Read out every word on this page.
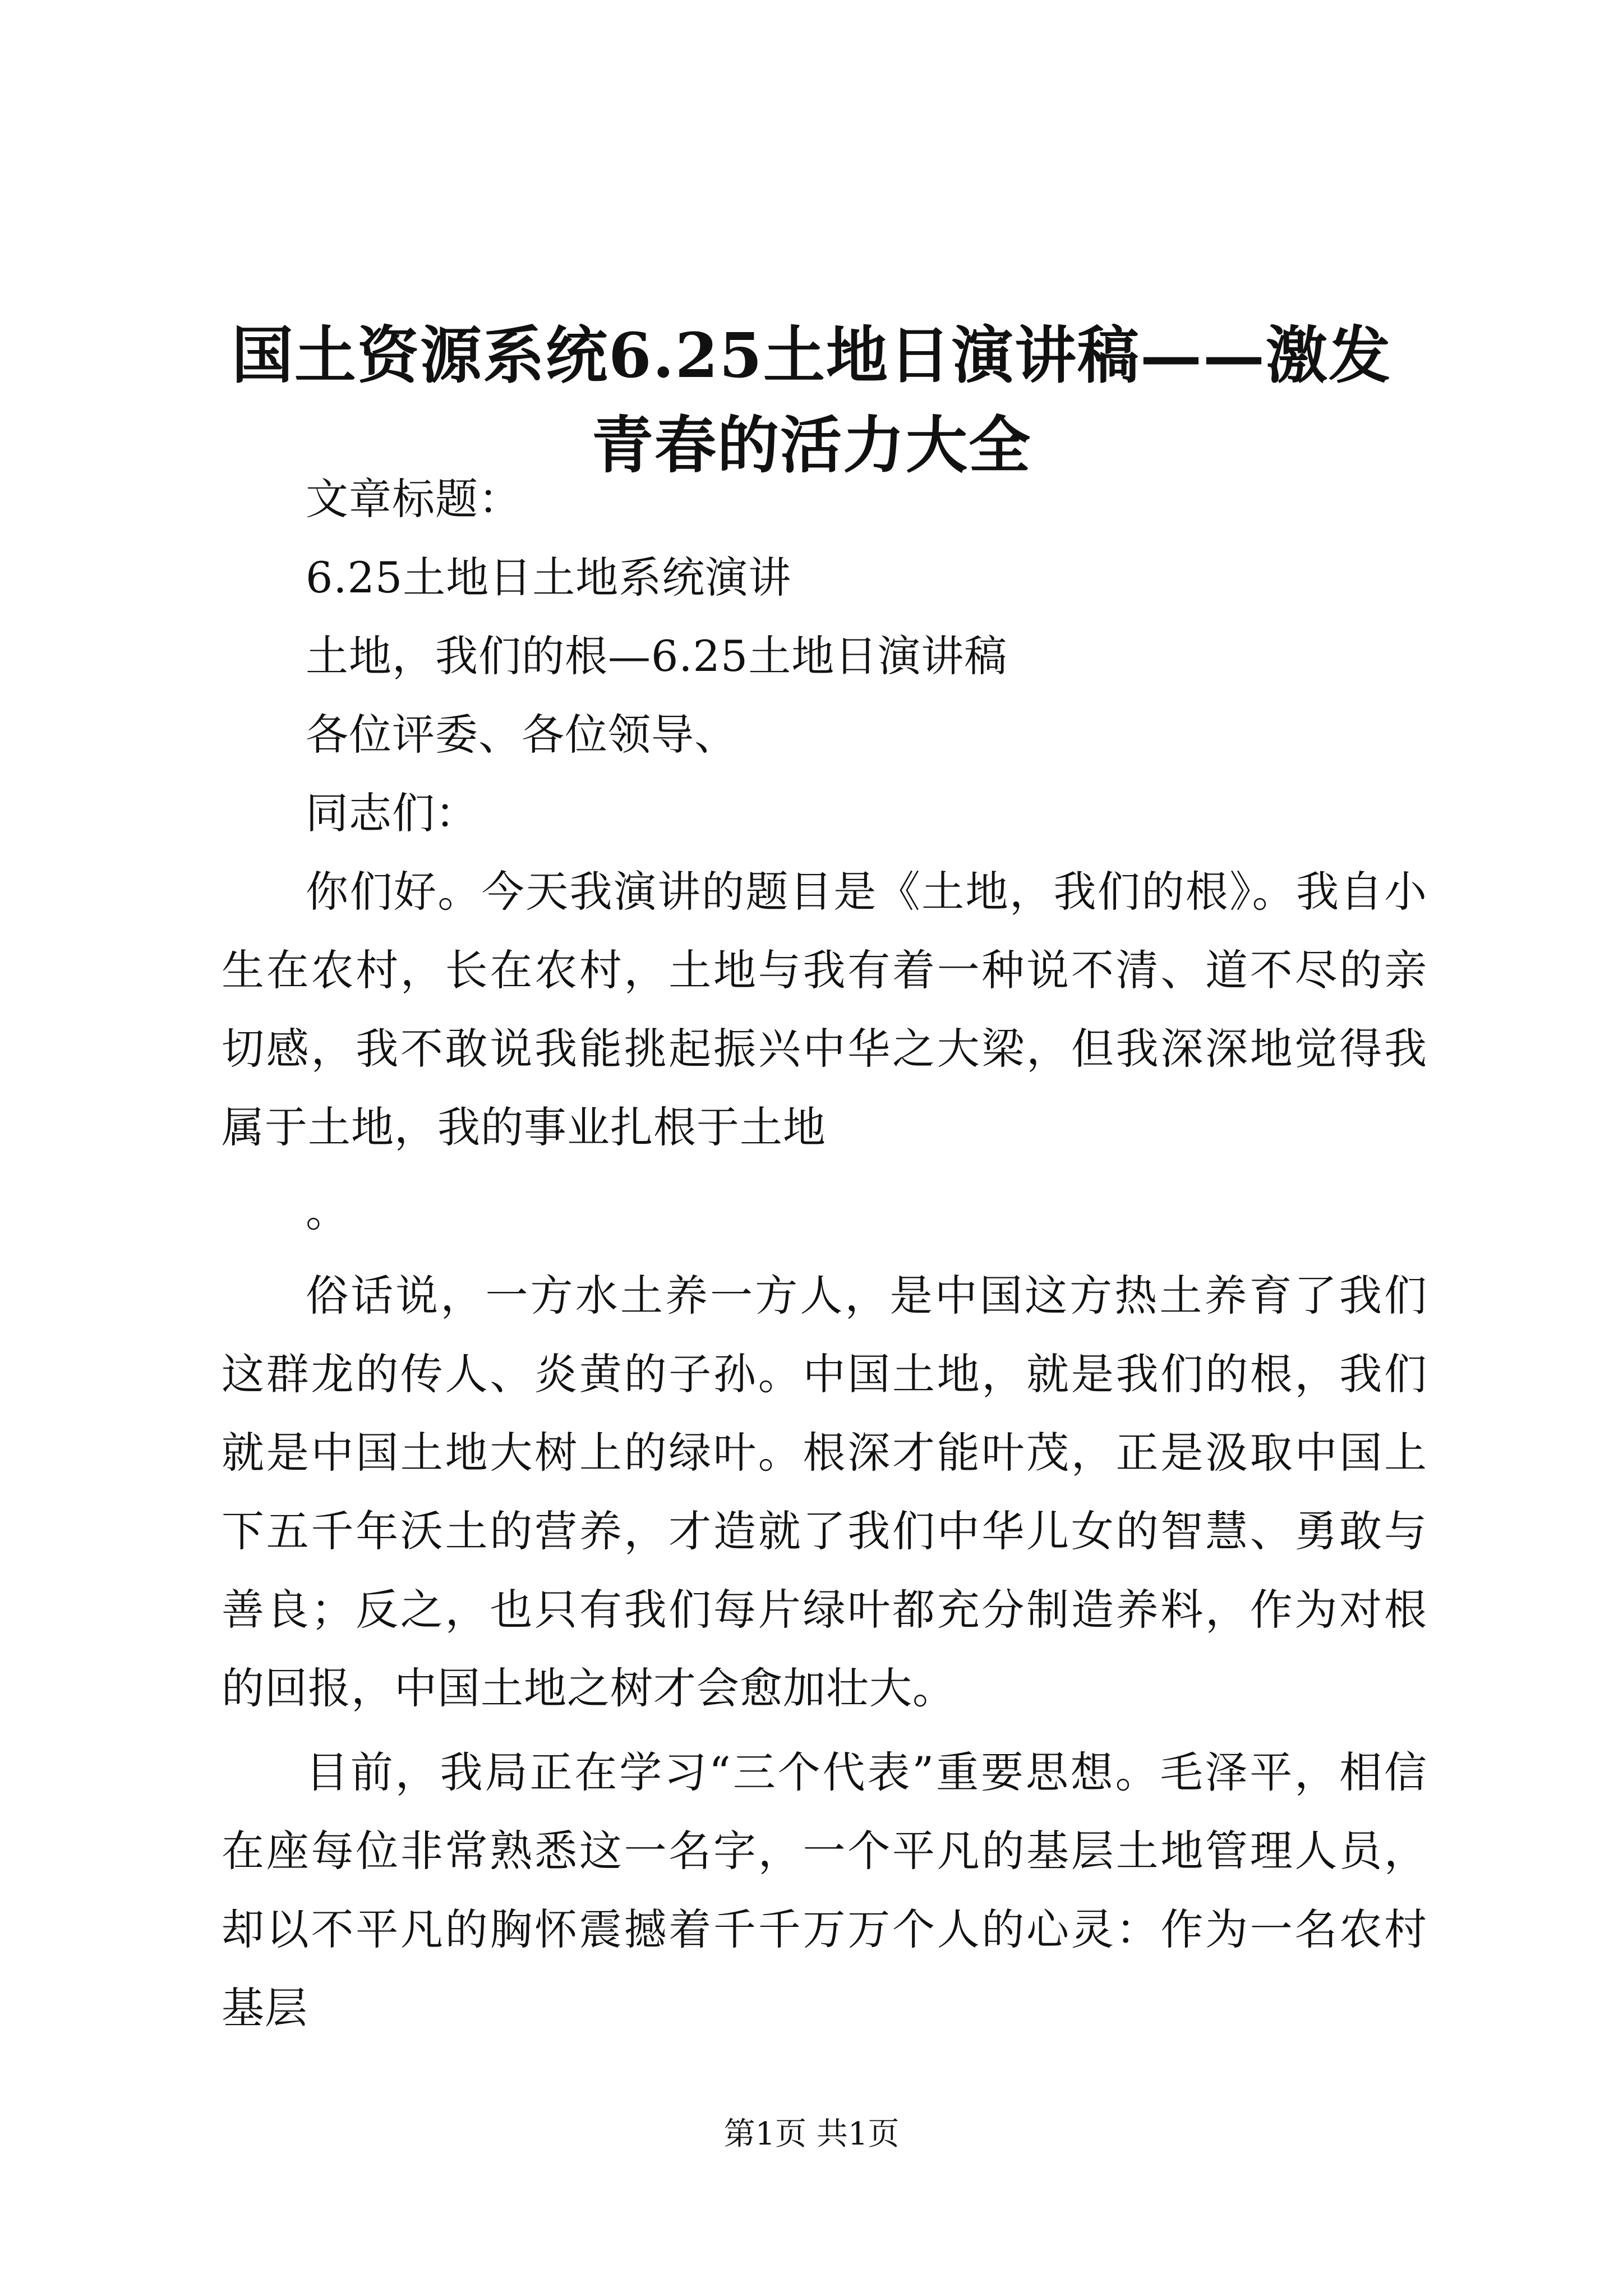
国土资源系统6.25土地日演讲稿——激发青春的活力大全

文章标题：

6.25土地日土地系统演讲

土地，我们的根—6.25土地日演讲稿

各位评委、各位领导、

同志们：

你们好。今天我演讲的题目是《土地，我们的根》。我自小生在农村，长在农村，土地与我有着一种说不清、道不尽的亲切感，我不敢说我能挑起振兴中华之大梁，但我深深地觉得我属于土地，我的事业扎根于土地

。

俗话说，一方水土养一方人，是中国这方热土养育了我们这群龙的传人、炎黄的子孙。中国土地，就是我们的根，我们就是中国土地大树上的绿叶。根深才能叶茂，正是汲取中国上下五千年沃土的营养，才造就了我们中华儿女的智慧、勇敢与善良；反之，也只有我们每片绿叶都充分制造养料，作为对根的回报，中国土地之树才会愈加壮大。

目前，我局正在学习“三个代表”重要思想。毛泽平，相信在座每位非常熟悉这一名字，一个平凡的基层土地管理人员，却以不平凡的胸怀震撼着千千万万个人的心灵：作为一名农村基层

第1页 共1页
